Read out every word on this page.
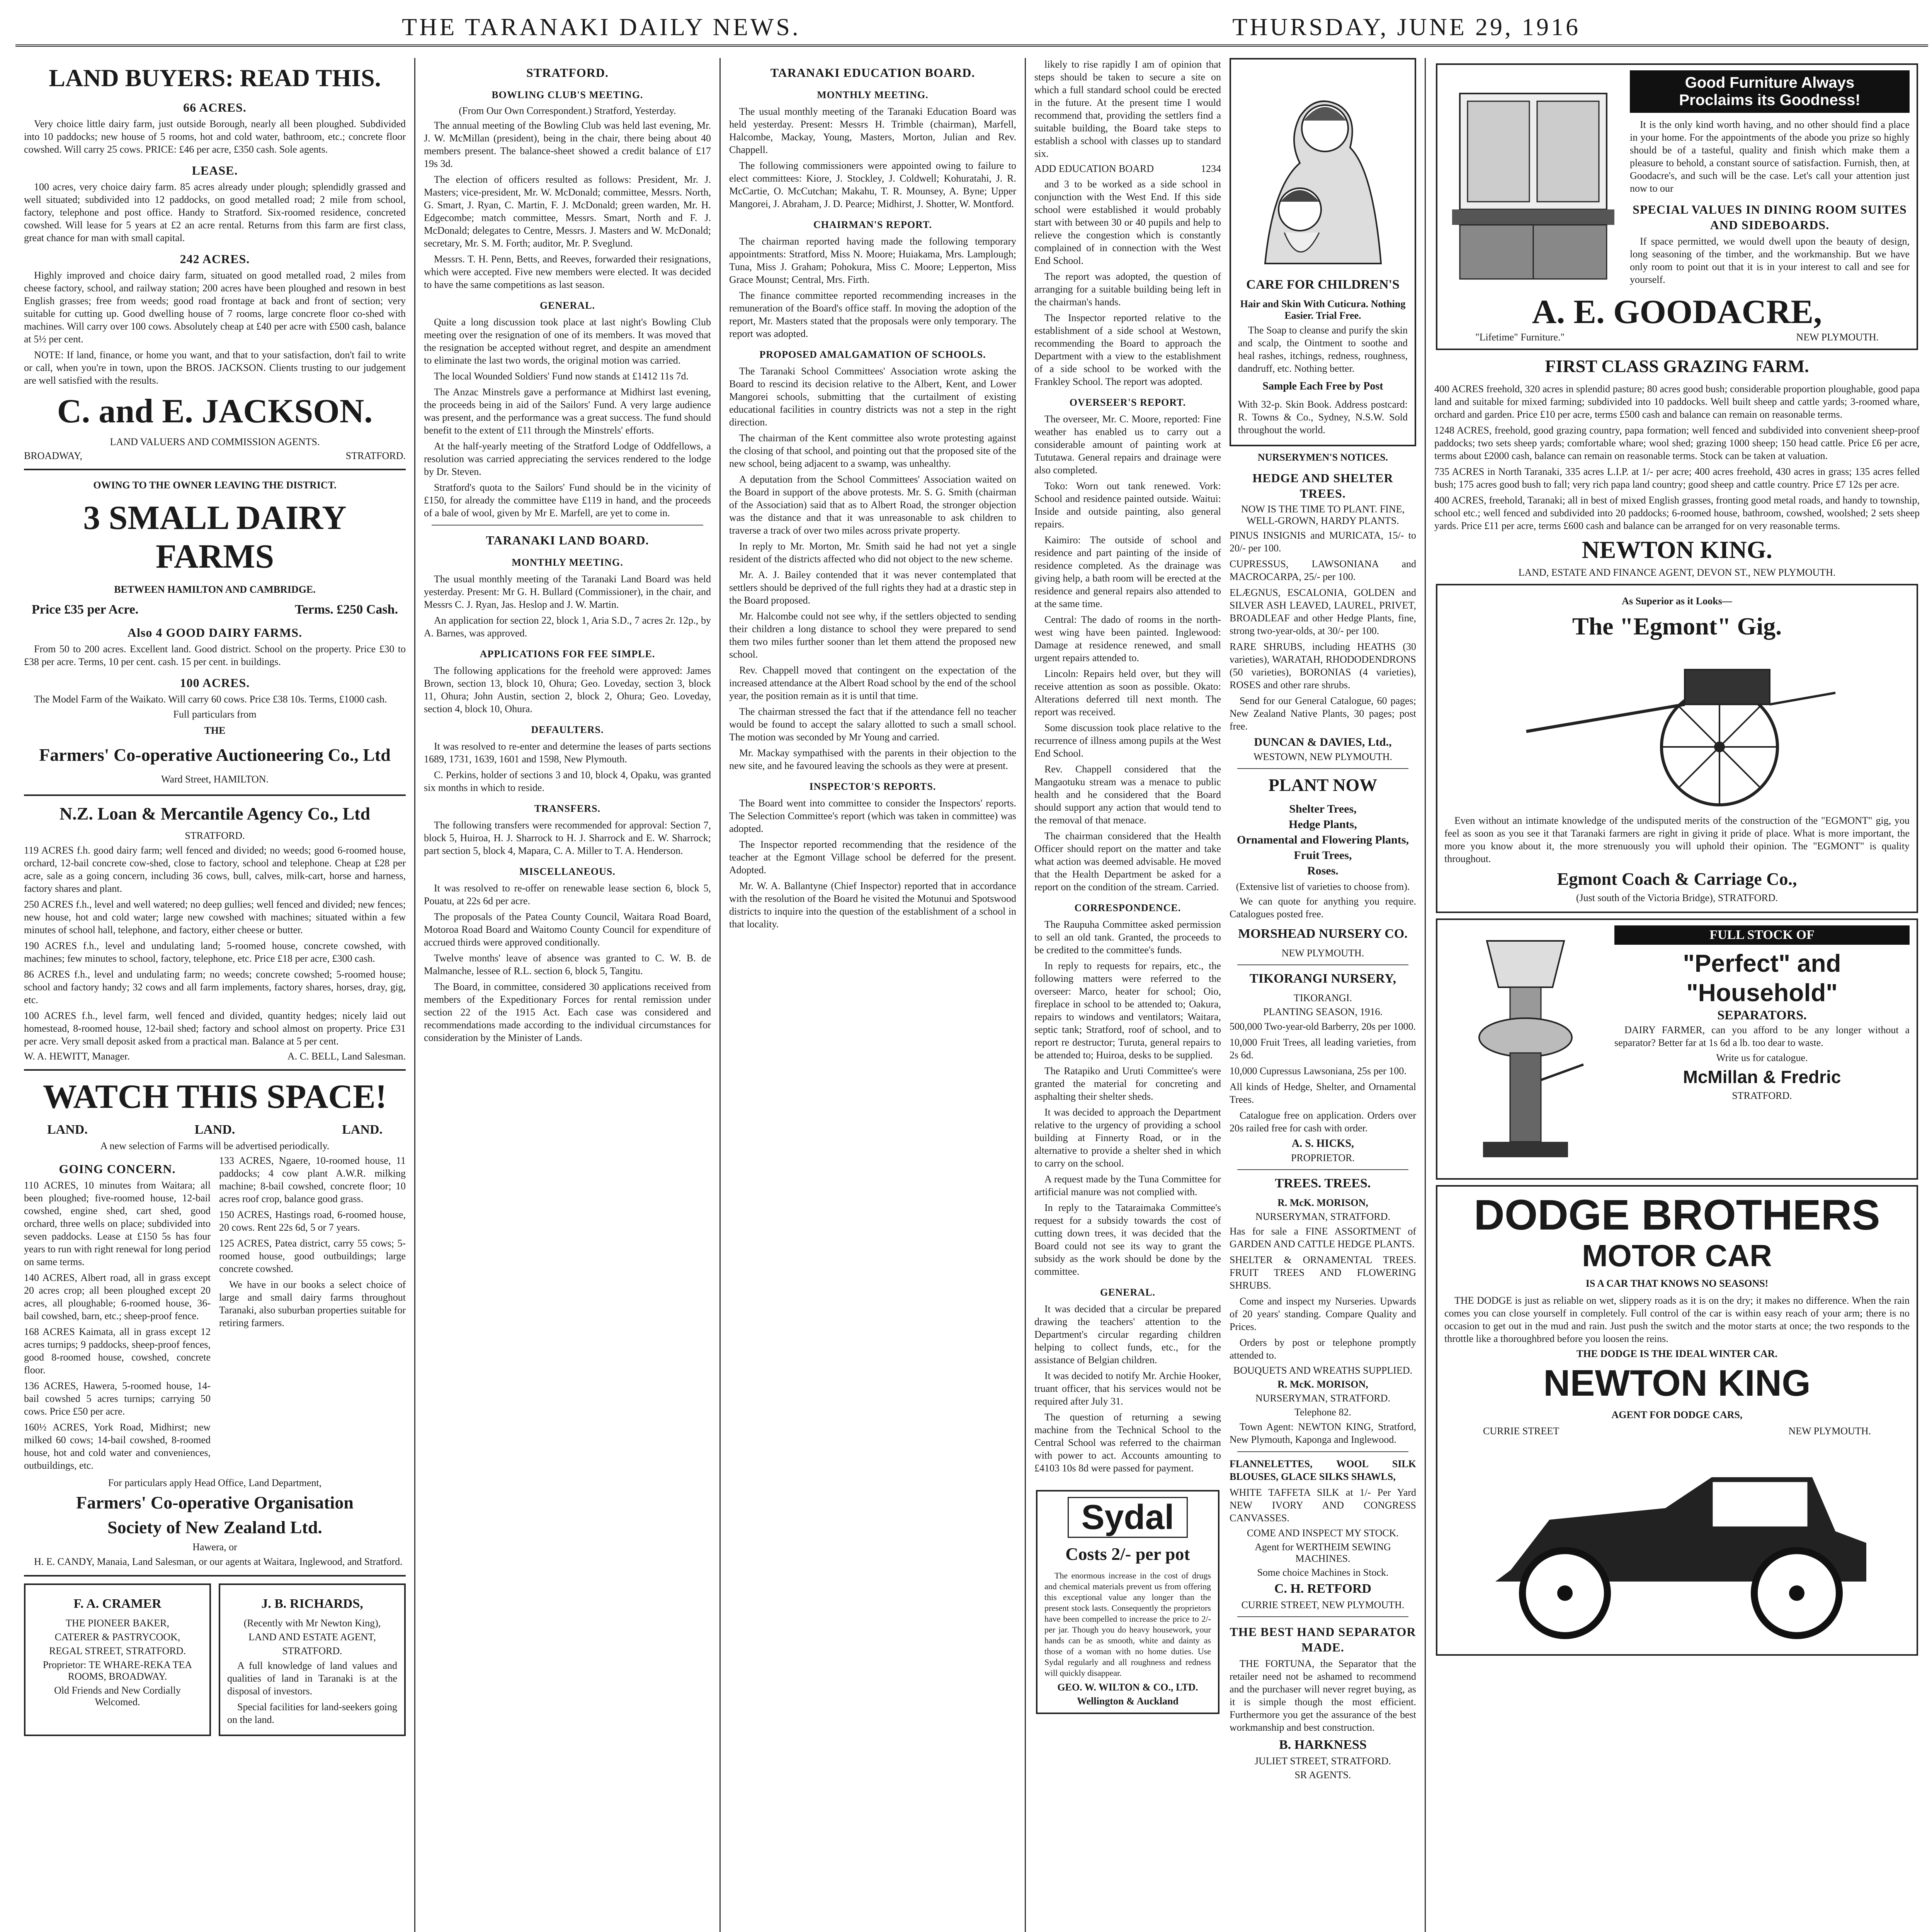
THE TARANAKI DAILY NEWS.	THURSDAY, JUNE 29, 1916
LAND BUYERS: READ THIS.
66 ACRES.

Very choice little dairy farm, just outside Borough, nearly all been ploughed. Subdivided into 10 paddocks; new house of 5 rooms, hot and cold water, bathroom, etc.; concrete floor cowshed. Will carry 25 cows. PRICE: £46 per acre, £350 cash. Sole agents.

LEASE.

100 acres, very choice dairy farm. 85 acres already under plough; splendidly grassed and well situated; subdivided into 12 paddocks, on good metalled road; 2 mile from school, factory, telephone and post office. Handy to Stratford. Six-roomed residence, concreted cowshed. Will lease for 5 years at £2 an acre rental. Returns from this farm are first class, great chance for man with small capital.

242 ACRES.

Highly improved and choice dairy farm, situated on good metalled road, 2 miles from cheese factory, school, and railway station; 200 acres have been ploughed and resown in best English grasses; free from weeds; good road frontage at back and front of section; very suitable for cutting up. Good dwelling house of 7 rooms, large concrete floor co-shed with machines. Will carry over 100 cows. Absolutely cheap at £40 per acre with £500 cash, balance at 5½ per cent.

NOTE: If land, finance, or home you want, and that to your satisfaction, don't fail to write or call, when you're in town, upon the BROS. JACKSON. Clients trusting to our judgement are well satisfied with the results.

C. and E. JACKSON.
LAND VALUERS AND COMMISSION AGENTS.
BROADWAY,	STRATFORD.
OWING TO THE OWNER LEAVING THE DISTRICT.
3 SMALL DAIRY FARMS
BETWEEN HAMILTON AND CAMBRIDGE.
Price £35 per Acre.	Terms. £250 Cash.
Also 4 GOOD DAIRY FARMS.

From 50 to 200 acres. Excellent land. Good district. School on the property. Price £30 to £38 per acre. Terms, 10 per cent. cash. 15 per cent. in buildings.

100 ACRES.

The Model Farm of the Waikato. Will carry 60 cows. Price £38 10s. Terms, £1000 cash.

Full particulars from
THE
Farmers' Co-operative Auctioneering Co., Ltd
Ward Street, HAMILTON.
N.Z. Loan & Mercantile Agency Co., Ltd
STRATFORD.

119 ACRES f.h. good dairy farm; well fenced and divided; no weeds; good 6-roomed house, orchard, 12-bail concrete cow-shed, close to factory, school and telephone. Cheap at £28 per acre, sale as a going concern, including 36 cows, bull, calves, milk-cart, horse and harness, factory shares and plant.

250 ACRES f.h., level and well watered; no deep gullies; well fenced and divided; new fences; new house, hot and cold water; large new cowshed with machines; situated within a few minutes of school hall, telephone, and factory, either cheese or butter.

190 ACRES f.h., level and undulating land; 5-roomed house, concrete cowshed, with machines; few minutes to school, factory, telephone, etc. Price £18 per acre, £300 cash.

86 ACRES f.h., level and undulating farm; no weeds; concrete cowshed; 5-roomed house; school and factory handy; 32 cows and all farm implements, factory shares, horses, dray, gig, etc.

100 ACRES f.h., level farm, well fenced and divided, quantity hedges; nicely laid out homestead, 8-roomed house, 12-bail shed; factory and school almost on property. Price £31 per acre. Very small deposit asked from a practical man. Balance at 5 per cent.

W. A. HEWITT, Manager.	A. C. BELL, Land Salesman.
WATCH THIS SPACE!
LAND.	LAND.	LAND.
A new selection of Farms will be advertised periodically.
GOING CONCERN.

110 ACRES, 10 minutes from Waitara; all been ploughed; five-roomed house, 12-bail cowshed, engine shed, cart shed, good orchard, three wells on place; subdivided into seven paddocks. Lease at £150 5s has four years to run with right renewal for long period on same terms.

140 ACRES, Albert road, all in grass except 20 acres crop; all been ploughed except 20 acres, all ploughable; 6-roomed house, 36-bail cowshed, barn, etc.; sheep-proof fence.

168 ACRES Kaimata, all in grass except 12 acres turnips; 9 paddocks, sheep-proof fences, good 8-roomed house, cowshed, concrete floor.

136 ACRES, Hawera, 5-roomed house, 14-bail cowshed 5 acres turnips; carrying 50 cows. Price £50 per acre.

160½ ACRES, York Road, Midhirst; new milked 60 cows; 14-bail cowshed, 8-roomed house, hot and cold water and conveniences, outbuildings, etc.

133 ACRES, Ngaere, 10-roomed house, 11 paddocks; 4 cow plant A.W.R. milking machine; 8-bail cowshed, concrete floor; 10 acres roof crop, balance good grass.

150 ACRES, Hastings road, 6-roomed house, 20 cows. Rent 22s 6d, 5 or 7 years.

125 ACRES, Patea district, carry 55 cows; 5-roomed house, good outbuildings; large concrete cowshed.

We have in our books a select choice of large and small dairy farms throughout Taranaki, also suburban properties suitable for retiring farmers.

For particulars apply Head Office, Land Department,
Farmers' Co-operative Organisation
Society of New Zealand Ltd.
Hawera, or

H. E. CANDY, Manaia, Land Salesman, or our agents at Waitara, Inglewood, and Stratford.

F. A. CRAMER
THE PIONEER BAKER,
CATERER & PASTRYCOOK,
REGAL STREET, STRATFORD.
Proprietor: TE WHARE-REKA TEA ROOMS, BROADWAY.
Old Friends and New Cordially Welcomed.
J. B. RICHARDS,
(Recently with Mr Newton King),
LAND AND ESTATE AGENT,
STRATFORD.

A full knowledge of land values and qualities of land in Taranaki is at the disposal of investors.

Special facilities for land-seekers going on the land.

STRATFORD.
BOWLING CLUB'S MEETING.
(From Our Own Correspondent.) Stratford, Yesterday.

The annual meeting of the Bowling Club was held last evening, Mr. J. W. McMillan (president), being in the chair, there being about 40 members present. The balance-sheet showed a credit balance of £17 19s 3d.

The election of officers resulted as follows: President, Mr. J. Masters; vice-president, Mr. W. McDonald; committee, Messrs. North, G. Smart, J. Ryan, C. Martin, F. J. McDonald; green warden, Mr. H. Edgecombe; match committee, Messrs. Smart, North and F. J. McDonald; delegates to Centre, Messrs. J. Masters and W. McDonald; secretary, Mr. S. M. Forth; auditor, Mr. P. Sveglund.

Messrs. T. H. Penn, Betts, and Reeves, forwarded their resignations, which were accepted. Five new members were elected. It was decided to have the same competitions as last season.

GENERAL.

Quite a long discussion took place at last night's Bowling Club meeting over the resignation of one of its members. It was moved that the resignation be accepted without regret, and despite an amendment to eliminate the last two words, the original motion was carried.

The local Wounded Soldiers' Fund now stands at £1412 11s 7d.

The Anzac Minstrels gave a performance at Midhirst last evening, the proceeds being in aid of the Sailors' Fund. A very large audience was present, and the performance was a great success. The fund should benefit to the extent of £11 through the Minstrels' efforts.

At the half-yearly meeting of the Stratford Lodge of Oddfellows, a resolution was carried appreciating the services rendered to the lodge by Dr. Steven.

Stratford's quota to the Sailors' Fund should be in the vicinity of £150, for already the committee have £119 in hand, and the proceeds of a bale of wool, given by Mr E. Marfell, are yet to come in.

TARANAKI LAND BOARD.
MONTHLY MEETING.

The usual monthly meeting of the Taranaki Land Board was held yesterday. Present: Mr G. H. Bullard (Commissioner), in the chair, and Messrs C. J. Ryan, Jas. Heslop and J. W. Martin.

An application for section 22, block 1, Aria S.D., 7 acres 2r. 12p., by A. Barnes, was approved.

APPLICATIONS FOR FEE SIMPLE.

The following applications for the freehold were approved: James Brown, section 13, block 10, Ohura; Geo. Loveday, section 3, block 11, Ohura; John Austin, section 2, block 2, Ohura; Geo. Loveday, section 4, block 10, Ohura.

DEFAULTERS.

It was resolved to re-enter and determine the leases of parts sections 1689, 1731, 1639, 1601 and 1598, New Plymouth.

C. Perkins, holder of sections 3 and 10, block 4, Opaku, was granted six months in which to reside.

TRANSFERS.

The following transfers were recommended for approval: Section 7, block 5, Huiroa, H. J. Sharrock to H. J. Sharrock and E. W. Sharrock; part section 5, block 4, Mapara, C. A. Miller to T. A. Henderson.

MISCELLANEOUS.

It was resolved to re-offer on renewable lease section 6, block 5, Pouatu, at 22s 6d per acre.

The proposals of the Patea County Council, Waitara Road Board, Motoroa Road Board and Waitomo County Council for expenditure of accrued thirds were approved conditionally.

Twelve months' leave of absence was granted to C. W. B. de Malmanche, lessee of R.L. section 6, block 5, Tangitu.

The Board, in committee, considered 30 applications received from members of the Expeditionary Forces for rental remission under section 22 of the 1915 Act. Each case was considered and recommendations made according to the individual circumstances for consideration by the Minister of Lands.

TARANAKI EDUCATION BOARD.
MONTHLY MEETING.

The usual monthly meeting of the Taranaki Education Board was held yesterday. Present: Messrs H. Trimble (chairman), Marfell, Halcombe, Mackay, Young, Masters, Morton, Julian and Rev. Chappell.

The following commissioners were appointed owing to failure to elect committees: Kiore, J. Stockley, J. Coldwell; Kohuratahi, J. R. McCartie, O. McCutchan; Makahu, T. R. Mounsey, A. Byne; Upper Mangorei, J. Abraham, J. D. Pearce; Midhirst, J. Shotter, W. Montford.

CHAIRMAN'S REPORT.

The chairman reported having made the following temporary appointments: Stratford, Miss N. Moore; Huiakama, Mrs. Lamplough; Tuna, Miss J. Graham; Pohokura, Miss C. Moore; Lepperton, Miss Grace Mounst; Central, Mrs. Firth.

The finance committee reported recommending increases in the remuneration of the Board's office staff. In moving the adoption of the report, Mr. Masters stated that the proposals were only temporary. The report was adopted.

PROPOSED AMALGAMATION OF SCHOOLS.

The Taranaki School Committees' Association wrote asking the Board to rescind its decision relative to the Albert, Kent, and Lower Mangorei schools, submitting that the curtailment of existing educational facilities in country districts was not a step in the right direction.

The chairman of the Kent committee also wrote protesting against the closing of that school, and pointing out that the proposed site of the new school, being adjacent to a swamp, was unhealthy.

A deputation from the School Committees' Association waited on the Board in support of the above protests. Mr. S. G. Smith (chairman of the Association) said that as to Albert Road, the stronger objection was the distance and that it was unreasonable to ask children to traverse a track of over two miles across private property.

In reply to Mr. Morton, Mr. Smith said he had not yet a single resident of the districts affected who did not object to the new scheme.

Mr. A. J. Bailey contended that it was never contemplated that settlers should be deprived of the full rights they had at a drastic step in the Board proposed.

Mr. Halcombe could not see why, if the settlers objected to sending their children a long distance to school they were prepared to send them two miles further sooner than let them attend the proposed new school.

Rev. Chappell moved that contingent on the expectation of the increased attendance at the Albert Road school by the end of the school year, the position remain as it is until that time.

The chairman stressed the fact that if the attendance fell no teacher would be found to accept the salary allotted to such a small school. The motion was seconded by Mr Young and carried.

Mr. Mackay sympathised with the parents in their objection to the new site, and he favoured leaving the schools as they were at present.

INSPECTOR'S REPORTS.

The Board went into committee to consider the Inspectors' reports. The Selection Committee's report (which was taken in committee) was adopted.

The Inspector reported recommending that the residence of the teacher at the Egmont Village school be deferred for the present. Adopted.

Mr. W. A. Ballantyne (Chief Inspector) reported that in accordance with the resolution of the Board he visited the Motunui and Spotswood districts to inquire into the question of the establishment of a school in that locality.

likely to rise rapidly I am of opinion that steps should be taken to secure a site on which a full standard school could be erected in the future. At the present time I would recommend that, providing the settlers find a suitable building, the Board take steps to establish a school with classes up to standard six.

ADD EDUCATION BOARD	1234

and 3 to be worked as a side school in conjunction with the West End. If this side school were established it would probably start with between 30 or 40 pupils and help to relieve the congestion which is constantly complained of in connection with the West End School.

The report was adopted, the question of arranging for a suitable building being left in the chairman's hands.

The Inspector reported relative to the establishment of a side school at Westown, recommending the Board to approach the Department with a view to the establishment of a side school to be worked with the Frankley School. The report was adopted.

OVERSEER'S REPORT.

The overseer, Mr. C. Moore, reported: Fine weather has enabled us to carry out a considerable amount of painting work at Tututawa. General repairs and drainage were also completed.

Toko: Worn out tank renewed. Vork: School and residence painted outside. Waitui: Inside and outside painting, also general repairs.

Kaimiro: The outside of school and residence and part painting of the inside of residence completed. As the drainage was giving help, a bath room will be erected at the residence and general repairs also attended to at the same time.

Central: The dado of rooms in the north-west wing have been painted. Inglewood: Damage at residence renewed, and small urgent repairs attended to.

Lincoln: Repairs held over, but they will receive attention as soon as possible. Okato: Alterations deferred till next month. The report was received.

Some discussion took place relative to the recurrence of illness among pupils at the West End School.

Rev. Chappell considered that the Mangaotuku stream was a menace to public health and he considered that the Board should support any action that would tend to the removal of that menace.

The chairman considered that the Health Officer should report on the matter and take what action was deemed advisable. He moved that the Health Department be asked for a report on the condition of the stream. Carried.

CORRESPONDENCE.

The Raupuha Committee asked permission to sell an old tank. Granted, the proceeds to be credited to the committee's funds.

In reply to requests for repairs, etc., the following matters were referred to the overseer: Marco, heater for school; Oio, fireplace in school to be attended to; Oakura, repairs to windows and ventilators; Waitara, septic tank; Stratford, roof of school, and to report re destructor; Turuta, general repairs to be attended to; Huiroa, desks to be supplied.

The Ratapiko and Uruti Committee's were granted the material for concreting and asphalting their shelter sheds.

It was decided to approach the Department relative to the urgency of providing a school building at Finnerty Road, or in the alternative to provide a shelter shed in which to carry on the school.

A request made by the Tuna Committee for artificial manure was not complied with.

In reply to the Tataraimaka Committee's request for a subsidy towards the cost of cutting down trees, it was decided that the Board could not see its way to grant the subsidy as the work should be done by the committee.

GENERAL.

It was decided that a circular be prepared drawing the teachers' attention to the Department's circular regarding children helping to collect funds, etc., for the assistance of Belgian children.

It was decided to notify Mr. Archie Hooker, truant officer, that his services would not be required after July 31.

The question of returning a sewing machine from the Technical School to the Central School was referred to the chairman with power to act. Accounts amounting to £4103 10s 8d were passed for payment.

Sydal
Costs 2/- per pot

The enormous increase in the cost of drugs and chemical materials prevent us from offering this exceptional value any longer than the present stock lasts. Consequently the proprietors have been compelled to increase the price to 2/- per jar. Though you do heavy housework, your hands can be as smooth, white and dainty as those of a woman with no home duties. Use Sydal regularly and all roughness and redness will quickly disappear.

GEO. W. WILTON & CO., LTD.
Wellington & Auckland
CARE FOR CHILDREN'S
Hair and Skin With Cuticura. Nothing Easier. Trial Free.

The Soap to cleanse and purify the skin and scalp, the Ointment to soothe and heal rashes, itchings, redness, roughness, dandruff, etc. Nothing better.

Sample Each Free by Post

With 32-p. Skin Book. Address postcard: R. Towns & Co., Sydney, N.S.W. Sold throughout the world.

NURSERYMEN'S NOTICES.
HEDGE AND SHELTER TREES.
NOW IS THE TIME TO PLANT. FINE, WELL-GROWN, HARDY PLANTS.

PINUS INSIGNIS and MURICATA, 15/- to 20/- per 100.

CUPRESSUS, LAWSONIANA and MACROCARPA, 25/- per 100.

ELÆGNUS, ESCALONIA, GOLDEN and SILVER ASH LEAVED, LAUREL, PRIVET, BROADLEAF and other Hedge Plants, fine, strong two-year-olds, at 30/- per 100.

RARE SHRUBS, including HEATHS (30 varieties), WARATAH, RHODODENDRONS (50 varieties), BORONIAS (4 varieties), ROSES and other rare shrubs.

Send for our General Catalogue, 60 pages; New Zealand Native Plants, 30 pages; post free.

DUNCAN & DAVIES, Ltd.,
WESTOWN, NEW PLYMOUTH.
PLANT NOW
Shelter Trees,
Hedge Plants,
Ornamental and Flowering Plants,
Fruit Trees,
Roses.
(Extensive list of varieties to choose from).

We can quote for anything you require. Catalogues posted free.

MORSHEAD NURSERY CO.
NEW PLYMOUTH.
TIKORANGI NURSERY,
TIKORANGI.
PLANTING SEASON, 1916.

500,000 Two-year-old Barberry, 20s per 1000.

10,000 Fruit Trees, all leading varieties, from 2s 6d.

10,000 Cupressus Lawsoniana, 25s per 100.

All kinds of Hedge, Shelter, and Ornamental Trees.

Catalogue free on application. Orders over 20s railed free for cash with order.

A. S. HICKS,
PROPRIETOR.
TREES. TREES.
R. McK. MORISON,
NURSERYMAN, STRATFORD.

Has for sale a FINE ASSORTMENT of GARDEN AND CATTLE HEDGE PLANTS.

SHELTER & ORNAMENTAL TREES. FRUIT TREES AND FLOWERING SHRUBS.

Come and inspect my Nurseries. Upwards of 20 years' standing. Compare Quality and Prices.

Orders by post or telephone promptly attended to.

BOUQUETS AND WREATHS SUPPLIED.
R. McK. MORISON,
NURSERYMAN, STRATFORD.
Telephone 82.

Town Agent: NEWTON KING, Stratford, New Plymouth, Kaponga and Inglewood.

FLANNELETTES, WOOL SILK BLOUSES, GLACE SILKS SHAWLS,

WHITE TAFFETA SILK at 1/- Per Yard NEW IVORY AND CONGRESS CANVASSES.

COME AND INSPECT MY STOCK.
Agent for WERTHEIM SEWING MACHINES.
Some choice Machines in Stock.
C. H. RETFORD
CURRIE STREET, NEW PLYMOUTH.
THE BEST HAND SEPARATOR MADE.

THE FORTUNA, the Separator that the retailer need not be ashamed to recommend and the purchaser will never regret buying, as it is simple though the most efficient. Furthermore you get the assurance of the best workmanship and best construction.

B. HARKNESS
JULIET STREET, STRATFORD.
SR AGENTS.
Good Furniture Always
Proclaims its Goodness!

It is the only kind worth having, and no other should find a place in your home. For the appointments of the abode you prize so highly should be of a tasteful, quality and finish which make them a pleasure to behold, a constant source of satisfaction. Furnish, then, at Goodacre's, and such will be the case. Let's call your attention just now to our

SPECIAL VALUES IN DINING ROOM SUITES AND SIDEBOARDS.

If space permitted, we would dwell upon the beauty of design, long seasoning of the timber, and the workmanship. But we have only room to point out that it is in your interest to call and see for yourself.

A. E. GOODACRE,
"Lifetime" Furniture."	NEW PLYMOUTH.
FIRST CLASS GRAZING FARM.

400 ACRES freehold, 320 acres in splendid pasture; 80 acres good bush; considerable proportion ploughable, good papa land and suitable for mixed farming; subdivided into 10 paddocks. Well built sheep and cattle yards; 3-roomed whare, orchard and garden. Price £10 per acre, terms £500 cash and balance can remain on reasonable terms.

1248 ACRES, freehold, good grazing country, papa formation; well fenced and subdivided into convenient sheep-proof paddocks; two sets sheep yards; comfortable whare; wool shed; grazing 1000 sheep; 150 head cattle. Price £6 per acre, terms about £2000 cash, balance can remain on reasonable terms. Stock can be taken at valuation.

735 ACRES in North Taranaki, 335 acres L.I.P. at 1/- per acre; 400 acres freehold, 430 acres in grass; 135 acres felled bush; 175 acres good bush to fall; very rich papa land country; good sheep and cattle country. Price £7 12s per acre.

400 ACRES, freehold, Taranaki; all in best of mixed English grasses, fronting good metal roads, and handy to township, school etc.; well fenced and subdivided into 20 paddocks; 6-roomed house, bathroom, cowshed, woolshed; 2 sets sheep yards. Price £11 per acre, terms £600 cash and balance can be arranged for on very reasonable terms.

NEWTON KING.
LAND, ESTATE AND FINANCE AGENT, DEVON ST., NEW PLYMOUTH.
As Superior as it Looks—
The "Egmont" Gig.

Even without an intimate knowledge of the undisputed merits of the construction of the "EGMONT" gig, you feel as soon as you see it that Taranaki farmers are right in giving it pride of place. What is more important, the more you know about it, the more strenuously you will uphold their opinion. The "EGMONT" is quality throughout.

Egmont Coach & Carriage Co.,
(Just south of the Victoria Bridge), STRATFORD.
FULL STOCK OF
"Perfect" and
"Household"
SEPARATORS.

DAIRY FARMER, can you afford to be any longer without a separator? Better far at 1s 6d a lb. too dear to waste.

Write us for catalogue.
McMillan & Fredric
STRATFORD.
DODGE BROTHERS
MOTOR CAR
IS A CAR THAT KNOWS NO SEASONS!

THE DODGE is just as reliable on wet, slippery roads as it is on the dry; it makes no difference. When the rain comes you can close yourself in completely. Full control of the car is within easy reach of your arm; there is no occasion to get out in the mud and rain. Just push the switch and the motor starts at once; the two responds to the throttle like a thoroughbred before you loosen the reins.

THE DODGE IS THE IDEAL WINTER CAR.
NEWTON KING
AGENT FOR DODGE CARS,
CURRIE STREET	NEW PLYMOUTH.
